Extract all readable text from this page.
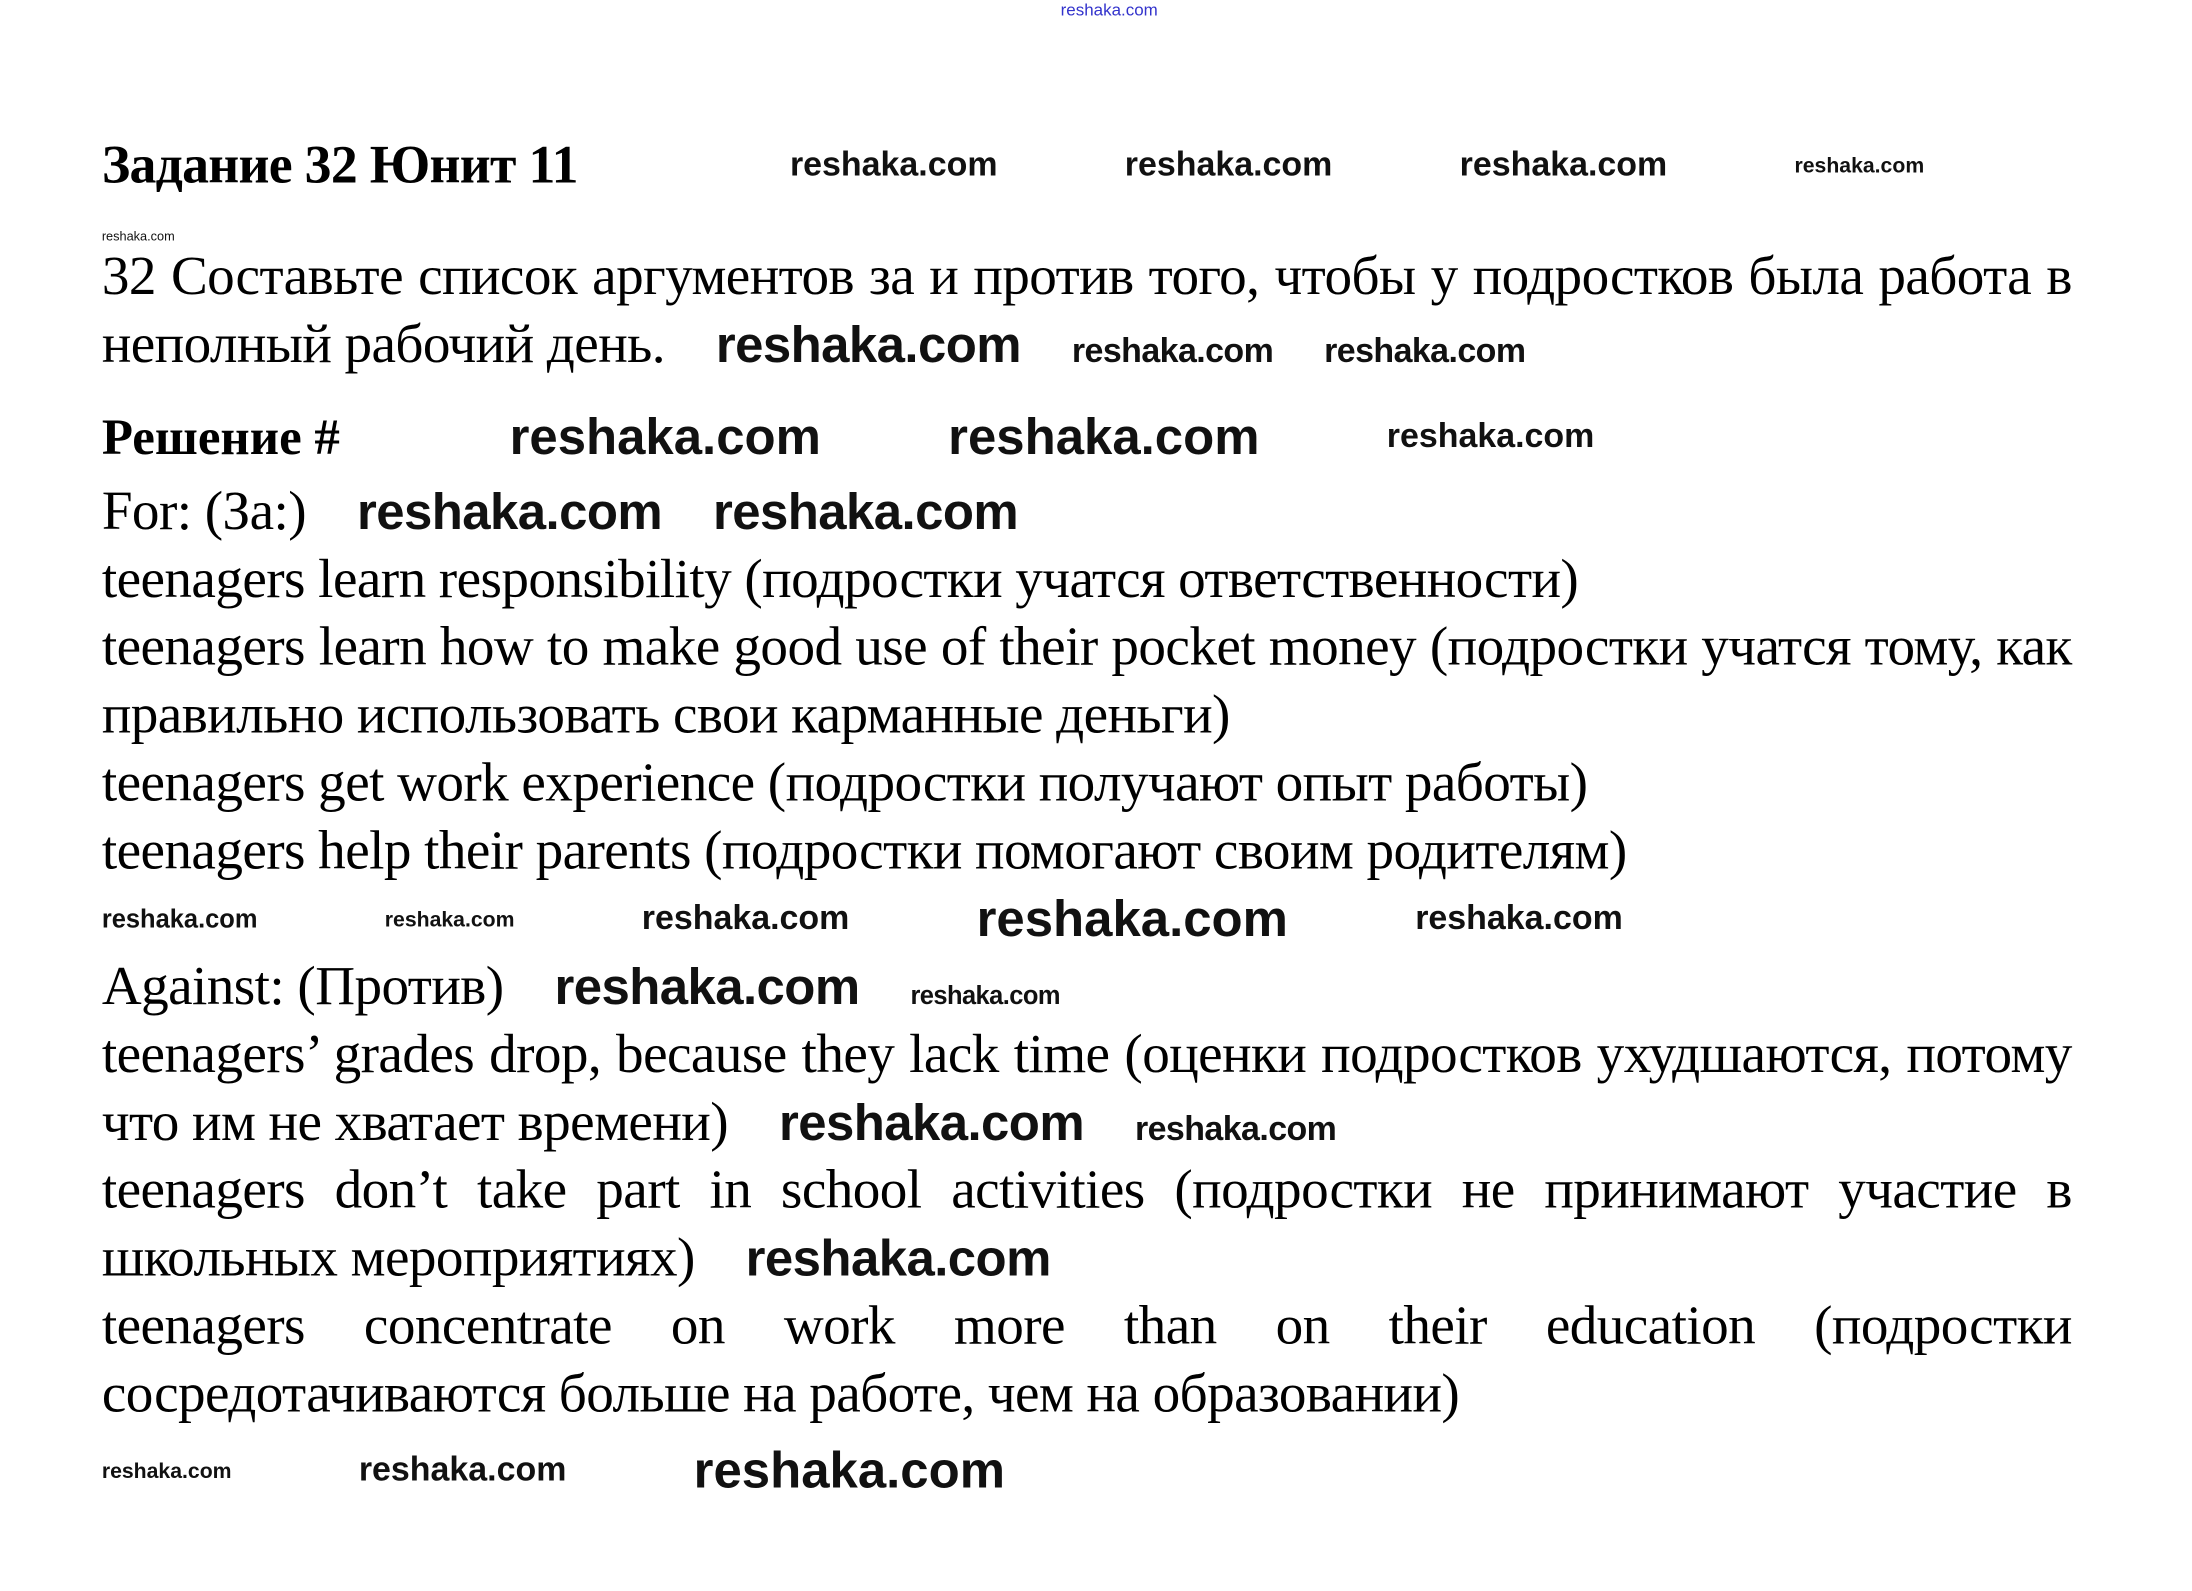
reshaka.com
Задание 32 Юнит 11	reshaka.com	reshaka.com	reshaka.com	reshaka.com
reshaka.com

32 Составьте список аргументов за и против того, чтобы у подростков была работа в неполный рабочий день. reshaka.com reshaka.com reshaka.com

Решение #	reshaka.com	reshaka.com	reshaka.com

For: (За:) reshaka.com reshaka.com

teenagers learn responsibility (подростки учатся ответственности)

teenagers learn how to make good use of their pocket money (подростки учатся тому, как правильно использовать свои карманные деньги)

teenagers get work experience (подростки получают опыт работы)

teenagers help their parents (подростки помогают своим родителям)

reshaka.com	reshaka.com	reshaka.com	reshaka.com	reshaka.com

Against: (Против) reshaka.com	reshaka.com

teenagers’ grades drop, because they lack time (оценки подростков ухудшаются, потому что им не хватает времени) reshaka.com reshaka.com

teenagers don’t take part in school activities (подростки не принимают участие в школьных мероприятиях) reshaka.com

teenagers concentrate on work more than on their education (подростки сосредотачиваются больше на работе, чем на образовании)

reshaka.com	reshaka.com	reshaka.com
